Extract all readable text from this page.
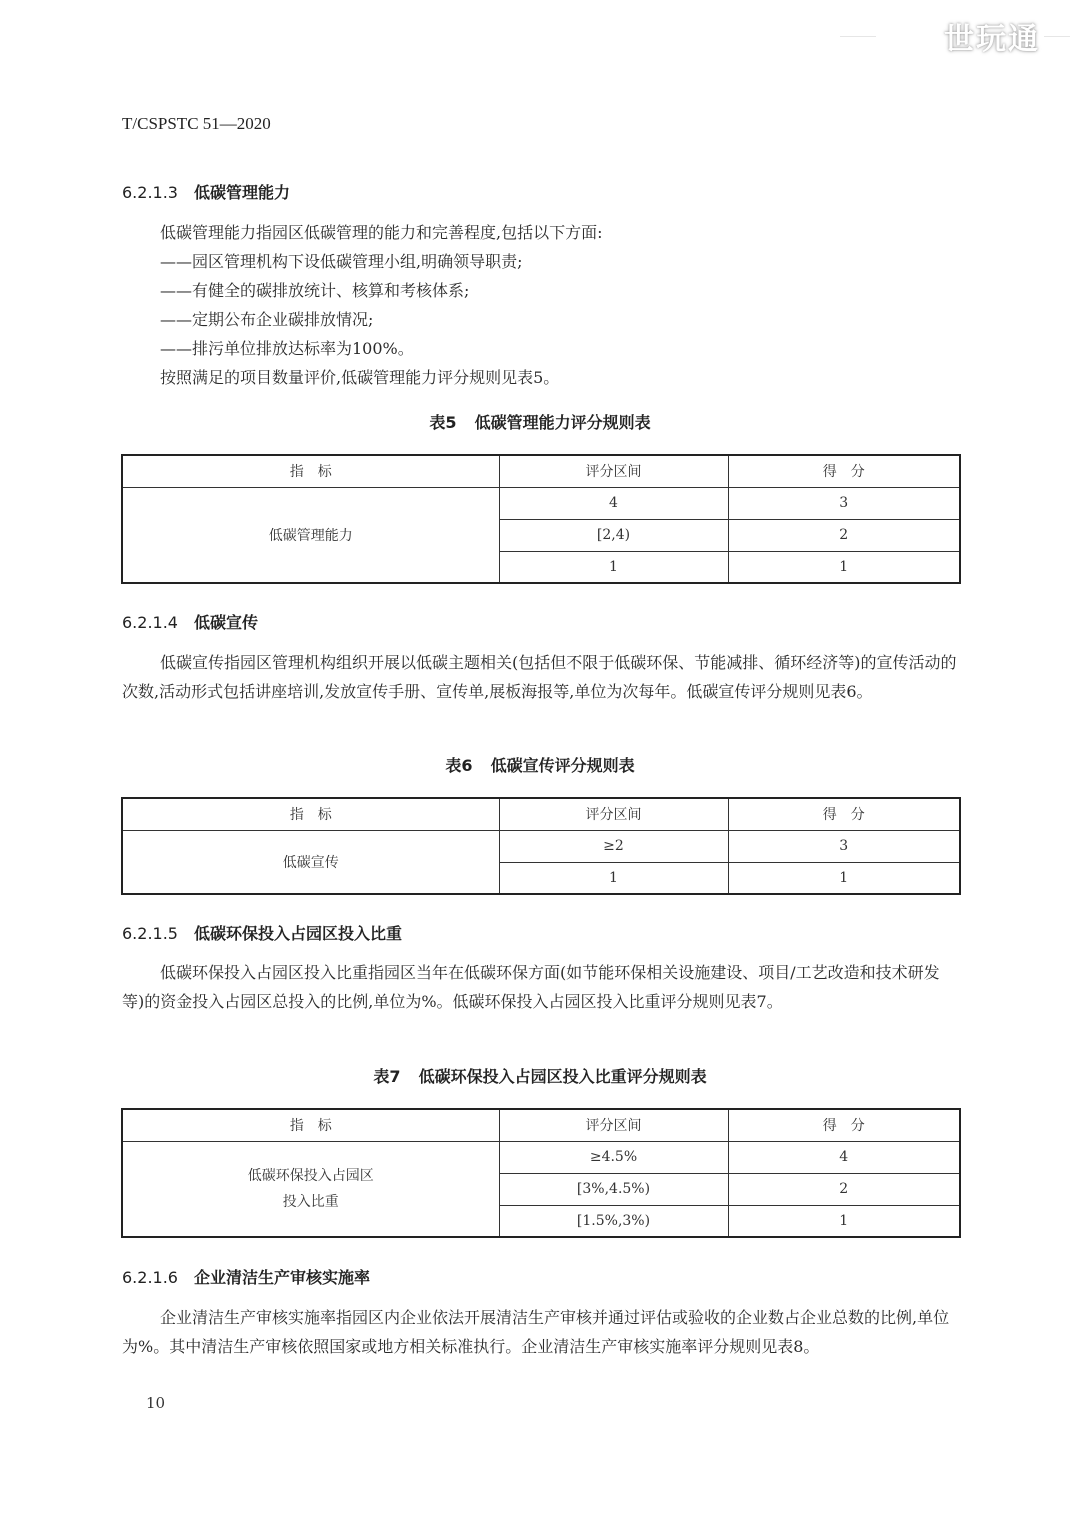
世玩通
T/CSPSTC 51—2020
6.2.1.3 低碳管理能力
低碳管理能力指园区低碳管理的能力和完善程度,包括以下方面:
——园区管理机构下设低碳管理小组,明确领导职责;
——有健全的碳排放统计、核算和考核体系;
——定期公布企业碳排放情况;
——排污单位排放达标率为100%。
按照满足的项目数量评价,低碳管理能力评分规则见表5。
表5 低碳管理能力评分规则表
指　标	评分区间	得　分
低碳管理能力	4	3
	[2,4)	2
	1	1
6.2.1.4 低碳宣传

低碳宣传指园区管理机构组织开展以低碳主题相关(包括但不限于低碳环保、节能减排、循环经济等)的宣传活动的次数,活动形式包括讲座培训,发放宣传手册、宣传单,展板海报等,单位为次每年。低碳宣传评分规则见表6。

表6 低碳宣传评分规则表
指　标	评分区间	得　分
低碳宣传	≥2	3
	1	1
6.2.1.5 低碳环保投入占园区投入比重

低碳环保投入占园区投入比重指园区当年在低碳环保方面(如节能环保相关设施建设、项目/工艺改造和技术研发等)的资金投入占园区总投入的比例,单位为%。低碳环保投入占园区投入比重评分规则见表7。

表7 低碳环保投入占园区投入比重评分规则表
指　标	评分区间	得　分
低碳环保投入占园区
投入比重	≥4.5%	4
	[3%,4.5%)	2
	[1.5%,3%)	1
6.2.1.6 企业清洁生产审核实施率

企业清洁生产审核实施率指园区内企业依法开展清洁生产审核并通过评估或验收的企业数占企业总数的比例,单位为%。其中清洁生产审核依照国家或地方相关标准执行。企业清洁生产审核实施率评分规则见表8。

10
